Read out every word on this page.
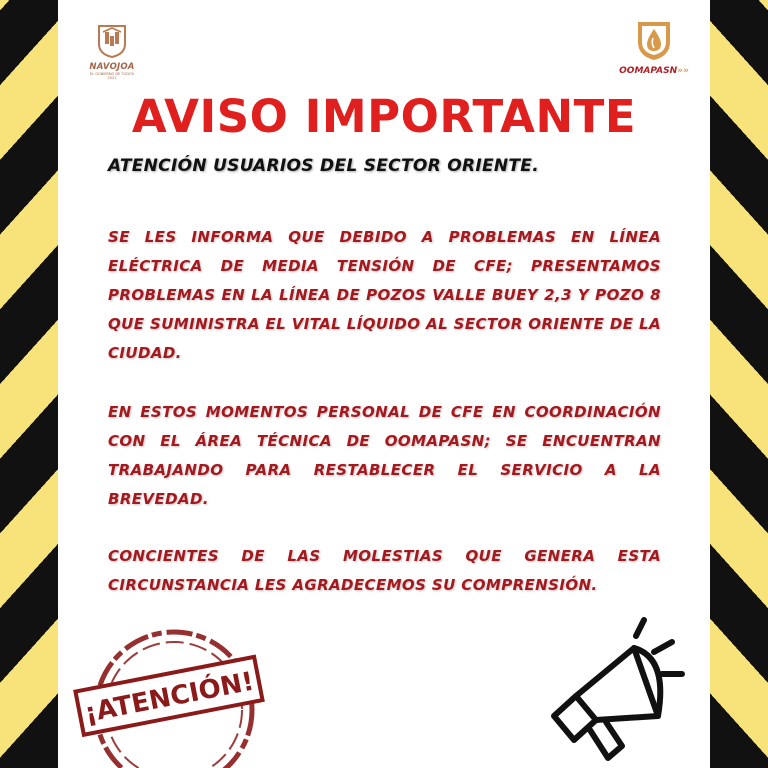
NAVOJOA
EL GOBIERNO DE TODOS 2021
OOMAPASN»»
AVISO IMPORTANTE
ATENCIÓN USUARIOS DEL SECTOR ORIENTE.
SE LES INFORMA QUE DEBIDO A PROBLEMAS EN LÍNEA ELÉCTRICA DE MEDIA TENSIÓN DE CFE; PRESENTAMOS PROBLEMAS EN LA LÍNEA DE POZOS VALLE BUEY 2,3 Y POZO 8 QUE SUMINISTRA EL VITAL LÍQUIDO AL SECTOR ORIENTE DE LA CIUDAD.
EN ESTOS MOMENTOS PERSONAL DE CFE EN COORDINACIÓN CON EL ÁREA TÉCNICA DE OOMAPASN; SE ENCUENTRAN TRABAJANDO PARA RESTABLECER EL SERVICIO A LA BREVEDAD.
CONCIENTES DE LAS MOLESTIAS QUE GENERA ESTA CIRCUNSTANCIA LES AGRADECEMOS SU COMPRENSIÓN.
¡ATENCIÓN!
